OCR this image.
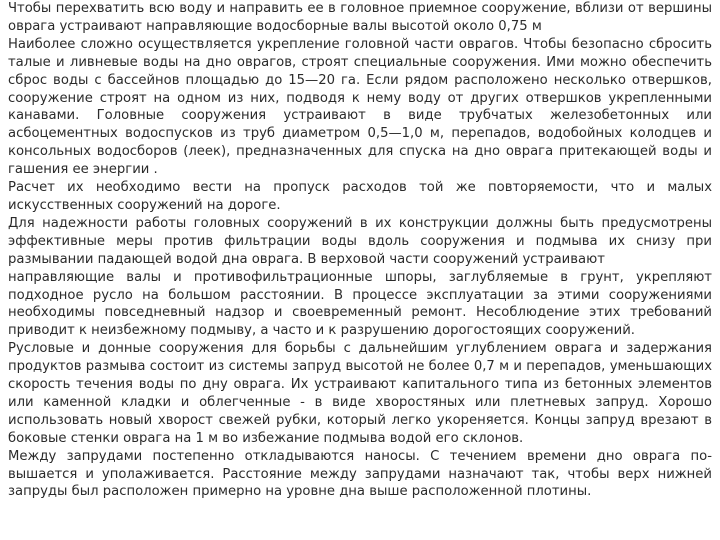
Чтобы перехватить всю воду и направить ее в головное приемное сооружение, вблизи от вершины оврага устраивают направляющие водосборные валы высотой около 0,75 м

Наиболее сложно осуществляется укрепление головной части оврагов. Чтобы безопасно сбросить талые и ливневые воды на дно оврагов, строят специальные сооружения. Ими можно обеспечить сброс воды с бассейнов площадью до 15—20 га. Если рядом расположено несколько отвершков, сооружение строят на одном из них, подводя к нему воду от других отвершков укрепленными канавами. Головные сооружения устраивают в виде трубчатых железобетонных или асбоцементных водоспусков из труб диаметром 0,5—1,0 м, перепадов, водобойных колодцев и консольных водосборов (леек), предназначенных для спуска на дно оврага притекающей воды и гашения ее энергии .

Расчет их необходимо вести на пропуск расходов той же повторяемости, что и малых искусственных сооружений на дороге.

Для надежности работы головных сооружений в их конструкции должны быть предусмотрены эффективные меры против фильтрации воды вдоль сооружения и подмыва их снизу при размывании падающей водой дна оврага. В верховой части сооружений устраивают

направляющие валы и противофильтрационные шпоры, заглубляемые в грунт, укрепляют подходное русло на большом расстоянии. В процессе эксплуатации за этими сооружениями необходимы повседневный надзор и своевременный ремонт. Несоблюдение этих требований приводит к неизбежному подмыву, а часто и к разрушению дорогостоящих сооружений.

Русловые и донные сооружения для борьбы с дальнейшим углублением оврага и задержания продуктов размыва состоит из системы запруд высотой не более 0,7 м и перепадов, уменьшающих скорость течения воды по дну оврага. Их устраивают капитального типа из бетонных элементов или каменной кладки и облегченные - в виде хворостяных или плетневых запруд. Хорошо использовать новый хворост свежей рубки, который легко укореняется. Концы запруд врезают в боковые стенки оврага на 1 м во избежание подмыва водой его склонов.

Между запрудами постепенно откладываются наносы. С течением времени дно оврага по-вышается и уполаживается. Расстояние между запрудами назначают так, чтобы верх нижней запруды был расположен примерно на уровне дна выше расположенной плотины.
